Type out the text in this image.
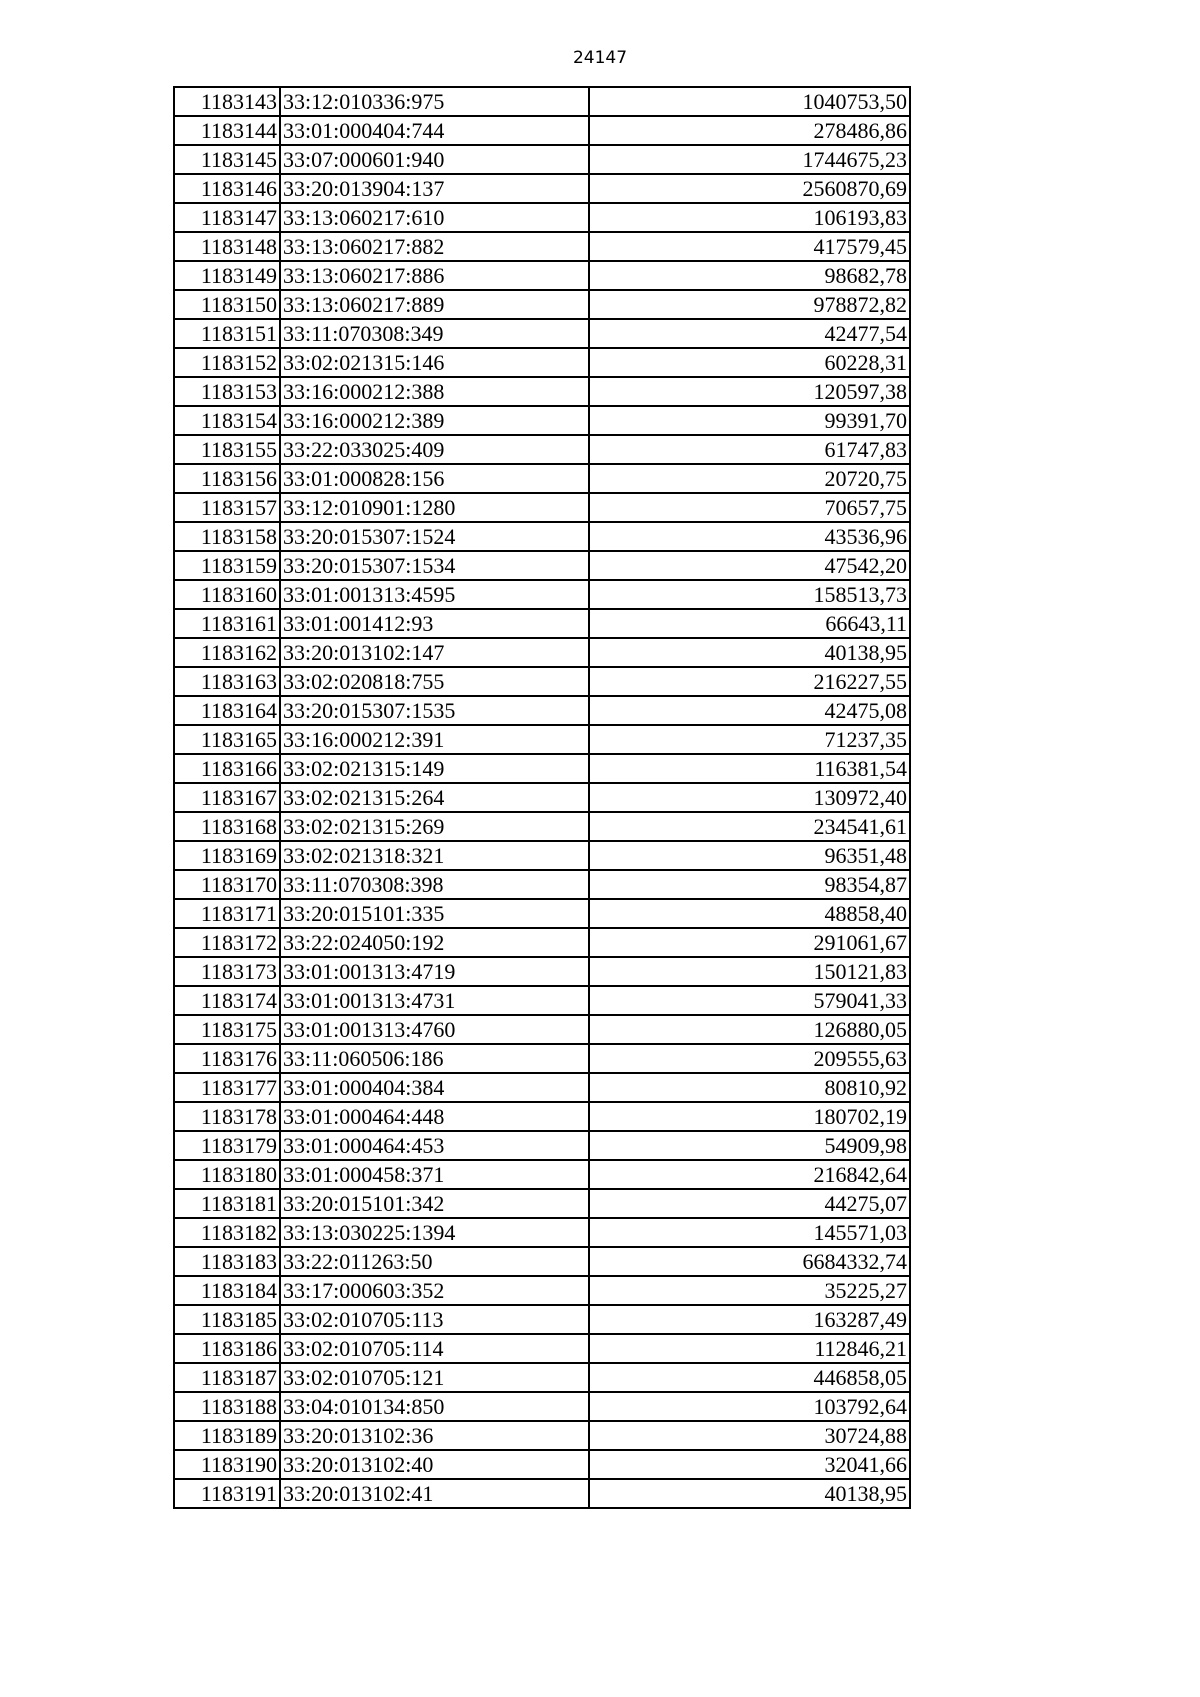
24147
1183143	33:12:010336:975	1040753,50
1183144	33:01:000404:744	278486,86
1183145	33:07:000601:940	1744675,23
1183146	33:20:013904:137	2560870,69
1183147	33:13:060217:610	106193,83
1183148	33:13:060217:882	417579,45
1183149	33:13:060217:886	98682,78
1183150	33:13:060217:889	978872,82
1183151	33:11:070308:349	42477,54
1183152	33:02:021315:146	60228,31
1183153	33:16:000212:388	120597,38
1183154	33:16:000212:389	99391,70
1183155	33:22:033025:409	61747,83
1183156	33:01:000828:156	20720,75
1183157	33:12:010901:1280	70657,75
1183158	33:20:015307:1524	43536,96
1183159	33:20:015307:1534	47542,20
1183160	33:01:001313:4595	158513,73
1183161	33:01:001412:93	66643,11
1183162	33:20:013102:147	40138,95
1183163	33:02:020818:755	216227,55
1183164	33:20:015307:1535	42475,08
1183165	33:16:000212:391	71237,35
1183166	33:02:021315:149	116381,54
1183167	33:02:021315:264	130972,40
1183168	33:02:021315:269	234541,61
1183169	33:02:021318:321	96351,48
1183170	33:11:070308:398	98354,87
1183171	33:20:015101:335	48858,40
1183172	33:22:024050:192	291061,67
1183173	33:01:001313:4719	150121,83
1183174	33:01:001313:4731	579041,33
1183175	33:01:001313:4760	126880,05
1183176	33:11:060506:186	209555,63
1183177	33:01:000404:384	80810,92
1183178	33:01:000464:448	180702,19
1183179	33:01:000464:453	54909,98
1183180	33:01:000458:371	216842,64
1183181	33:20:015101:342	44275,07
1183182	33:13:030225:1394	145571,03
1183183	33:22:011263:50	6684332,74
1183184	33:17:000603:352	35225,27
1183185	33:02:010705:113	163287,49
1183186	33:02:010705:114	112846,21
1183187	33:02:010705:121	446858,05
1183188	33:04:010134:850	103792,64
1183189	33:20:013102:36	30724,88
1183190	33:20:013102:40	32041,66
1183191	33:20:013102:41	40138,95
